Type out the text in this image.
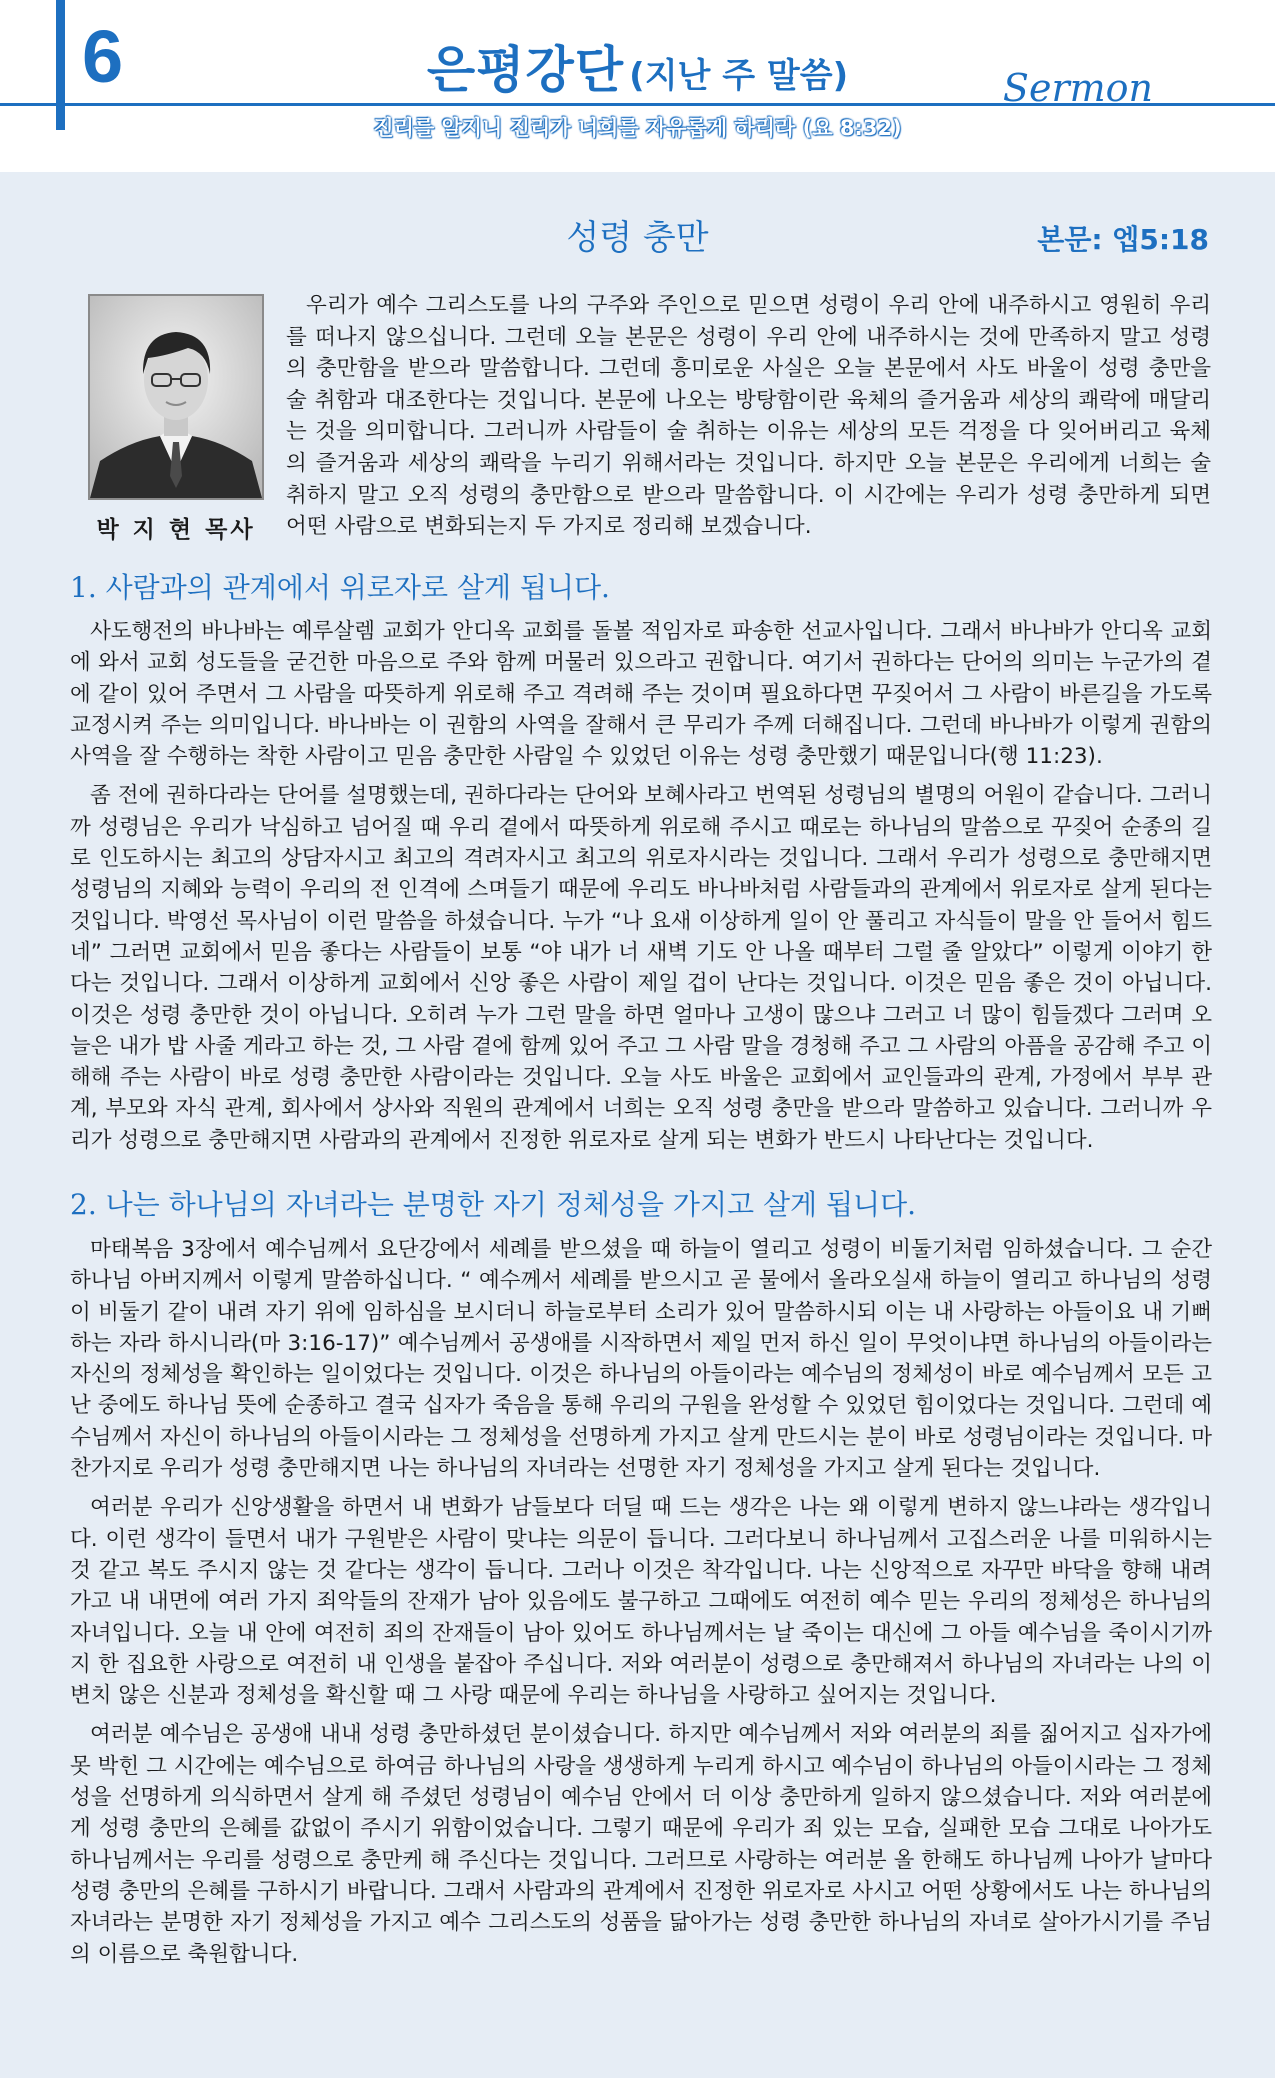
6	은평강단 (지난 주 말씀)	Sermon
진리를 알지니 진리가 너희를 자유롭게 하리라 (요 8:32)
성령 충만	본문: 엡5:18
박 지 현 목사

우리가 예수 그리스도를 나의 구주와 주인으로 믿으면 성령이 우리 안에 내주하시고 영원히 우리를 떠나지 않으십니다. 그런데 오늘 본문은 성령이 우리 안에 내주하시는 것에 만족하지 말고 성령의 충만함을 받으라 말씀합니다. 그런데 흥미로운 사실은 오늘 본문에서 사도 바울이 성령 충만을 술 취함과 대조한다는 것입니다. 본문에 나오는 방탕함이란 육체의 즐거움과 세상의 쾌락에 매달리는 것을 의미합니다. 그러니까 사람들이 술 취하는 이유는 세상의 모든 걱정을 다 잊어버리고 육체의 즐거움과 세상의 쾌락을 누리기 위해서라는 것입니다. 하지만 오늘 본문은 우리에게 너희는 술 취하지 말고 오직 성령의 충만함으로 받으라 말씀합니다. 이 시간에는 우리가 성령 충만하게 되면 어떤 사람으로 변화되는지 두 가지로 정리해 보겠습니다.

1. 사람과의 관계에서 위로자로 살게 됩니다.

사도행전의 바나바는 예루살렘 교회가 안디옥 교회를 돌볼 적임자로 파송한 선교사입니다. 그래서 바나바가 안디옥 교회에 와서 교회 성도들을 굳건한 마음으로 주와 함께 머물러 있으라고 권합니다. 여기서 권하다는 단어의 의미는 누군가의 곁에 같이 있어 주면서 그 사람을 따뜻하게 위로해 주고 격려해 주는 것이며 필요하다면 꾸짖어서 그 사람이 바른길을 가도록 교정시켜 주는 의미입니다. 바나바는 이 권함의 사역을 잘해서 큰 무리가 주께 더해집니다. 그런데 바나바가 이렇게 권함의 사역을 잘 수행하는 착한 사람이고 믿음 충만한 사람일 수 있었던 이유는 성령 충만했기 때문입니다(행 11:23).

좀 전에 권하다라는 단어를 설명했는데, 권하다라는 단어와 보혜사라고 번역된 성령님의 별명의 어원이 같습니다. 그러니까 성령님은 우리가 낙심하고 넘어질 때 우리 곁에서 따뜻하게 위로해 주시고 때로는 하나님의 말씀으로 꾸짖어 순종의 길로 인도하시는 최고의 상담자시고 최고의 격려자시고 최고의 위로자시라는 것입니다. 그래서 우리가 성령으로 충만해지면 성령님의 지혜와 능력이 우리의 전 인격에 스며들기 때문에 우리도 바나바처럼 사람들과의 관계에서 위로자로 살게 된다는 것입니다. 박영선 목사님이 이런 말씀을 하셨습니다. 누가 “나 요새 이상하게 일이 안 풀리고 자식들이 말을 안 들어서 힘드네” 그러면 교회에서 믿음 좋다는 사람들이 보통 “야 내가 너 새벽 기도 안 나올 때부터 그럴 줄 알았다” 이렇게 이야기 한다는 것입니다. 그래서 이상하게 교회에서 신앙 좋은 사람이 제일 겁이 난다는 것입니다. 이것은 믿음 좋은 것이 아닙니다. 이것은 성령 충만한 것이 아닙니다. 오히려 누가 그런 말을 하면 얼마나 고생이 많으냐 그러고 너 많이 힘들겠다 그러며 오늘은 내가 밥 사줄 게라고 하는 것, 그 사람 곁에 함께 있어 주고 그 사람 말을 경청해 주고 그 사람의 아픔을 공감해 주고 이해해 주는 사람이 바로 성령 충만한 사람이라는 것입니다. 오늘 사도 바울은 교회에서 교인들과의 관계, 가정에서 부부 관계, 부모와 자식 관계, 회사에서 상사와 직원의 관계에서 너희는 오직 성령 충만을 받으라 말씀하고 있습니다. 그러니까 우리가 성령으로 충만해지면 사람과의 관계에서 진정한 위로자로 살게 되는 변화가 반드시 나타난다는 것입니다.

2. 나는 하나님의 자녀라는 분명한 자기 정체성을 가지고 살게 됩니다.

마태복음 3장에서 예수님께서 요단강에서 세례를 받으셨을 때 하늘이 열리고 성령이 비둘기처럼 임하셨습니다. 그 순간 하나님 아버지께서 이렇게 말씀하십니다. “ 예수께서 세례를 받으시고 곧 물에서 올라오실새 하늘이 열리고 하나님의 성령이 비둘기 같이 내려 자기 위에 임하심을 보시더니 하늘로부터 소리가 있어 말씀하시되 이는 내 사랑하는 아들이요 내 기뻐하는 자라 하시니라(마 3:16-17)” 예수님께서 공생애를 시작하면서 제일 먼저 하신 일이 무엇이냐면 하나님의 아들이라는 자신의 정체성을 확인하는 일이었다는 것입니다. 이것은 하나님의 아들이라는 예수님의 정체성이 바로 예수님께서 모든 고난 중에도 하나님 뜻에 순종하고 결국 십자가 죽음을 통해 우리의 구원을 완성할 수 있었던 힘이었다는 것입니다. 그런데 예수님께서 자신이 하나님의 아들이시라는 그 정체성을 선명하게 가지고 살게 만드시는 분이 바로 성령님이라는 것입니다. 마찬가지로 우리가 성령 충만해지면 나는 하나님의 자녀라는 선명한 자기 정체성을 가지고 살게 된다는 것입니다.

여러분 우리가 신앙생활을 하면서 내 변화가 남들보다 더딜 때 드는 생각은 나는 왜 이렇게 변하지 않느냐라는 생각입니다. 이런 생각이 들면서 내가 구원받은 사람이 맞냐는 의문이 듭니다. 그러다보니 하나님께서 고집스러운 나를 미워하시는 것 같고 복도 주시지 않는 것 같다는 생각이 듭니다. 그러나 이것은 착각입니다. 나는 신앙적으로 자꾸만 바닥을 향해 내려가고 내 내면에 여러 가지 죄악들의 잔재가 남아 있음에도 불구하고 그때에도 여전히 예수 믿는 우리의 정체성은 하나님의 자녀입니다. 오늘 내 안에 여전히 죄의 잔재들이 남아 있어도 하나님께서는 날 죽이는 대신에 그 아들 예수님을 죽이시기까지 한 집요한 사랑으로 여전히 내 인생을 붙잡아 주십니다. 저와 여러분이 성령으로 충만해져서 하나님의 자녀라는 나의 이 변치 않은 신분과 정체성을 확신할 때 그 사랑 때문에 우리는 하나님을 사랑하고 싶어지는 것입니다.

여러분 예수님은 공생애 내내 성령 충만하셨던 분이셨습니다. 하지만 예수님께서 저와 여러분의 죄를 짊어지고 십자가에 못 박힌 그 시간에는 예수님으로 하여금 하나님의 사랑을 생생하게 누리게 하시고 예수님이 하나님의 아들이시라는 그 정체성을 선명하게 의식하면서 살게 해 주셨던 성령님이 예수님 안에서 더 이상 충만하게 일하지 않으셨습니다. 저와 여러분에게 성령 충만의 은혜를 값없이 주시기 위함이었습니다. 그렇기 때문에 우리가 죄 있는 모습, 실패한 모습 그대로 나아가도 하나님께서는 우리를 성령으로 충만케 해 주신다는 것입니다. 그러므로 사랑하는 여러분 올 한해도 하나님께 나아가 날마다 성령 충만의 은혜를 구하시기 바랍니다. 그래서 사람과의 관계에서 진정한 위로자로 사시고 어떤 상황에서도 나는 하나님의 자녀라는 분명한 자기 정체성을 가지고 예수 그리스도의 성품을 닮아가는 성령 충만한 하나님의 자녀로 살아가시기를 주님의 이름으로 축원합니다.
